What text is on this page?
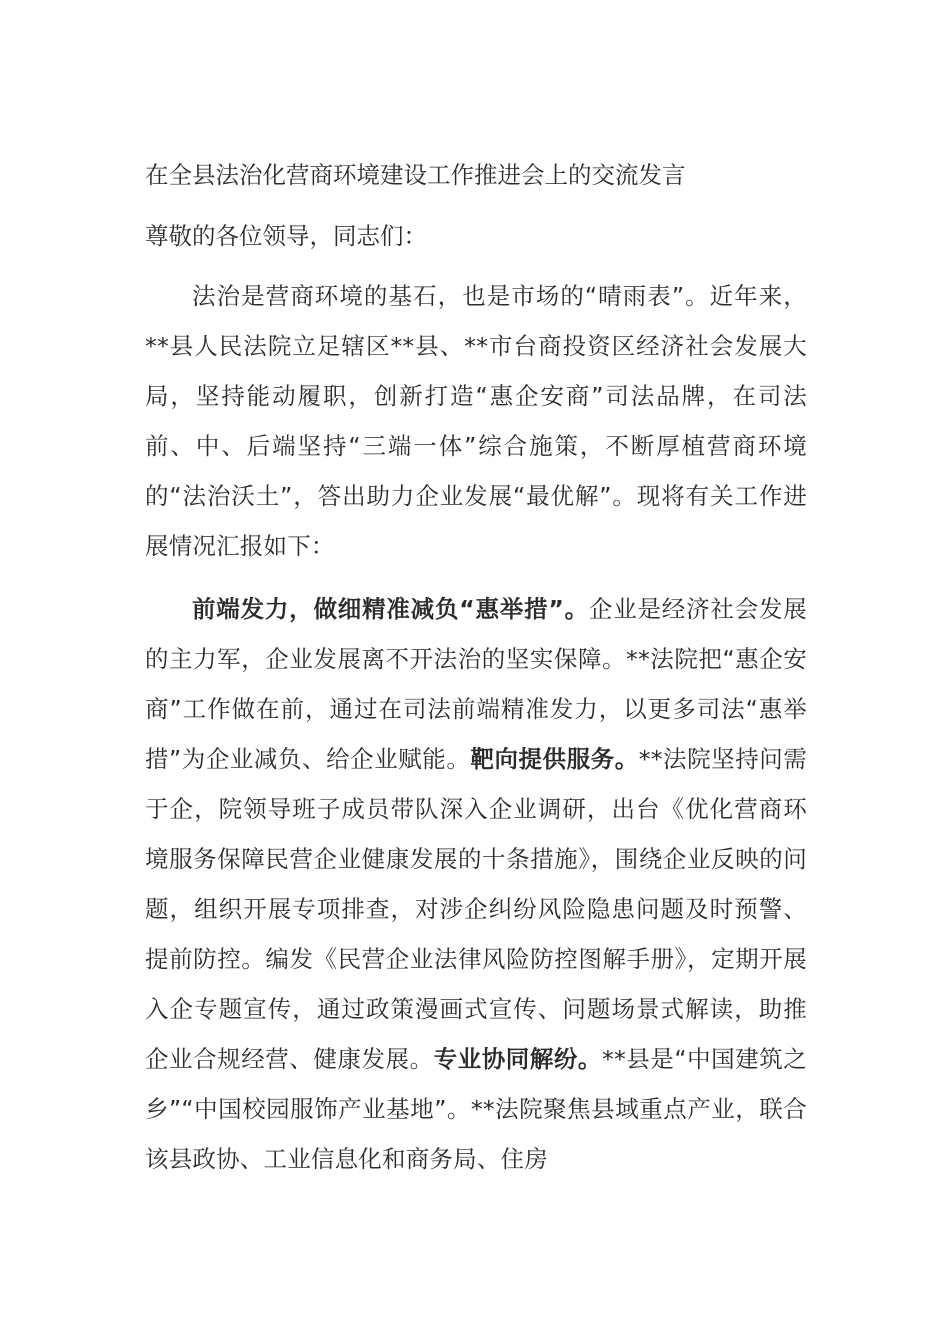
在全县法治化营商环境建设工作推进会上的交流发言
尊敬的各位领导，同志们：

法治是营商环境的基石，也是市场的“晴雨表”。近年来，**县人民法院立足辖区**县、**市台商投资区经济社会发展大局，坚持能动履职，创新打造“惠企安商”司法品牌，在司法前、中、后端坚持“三端一体”综合施策，不断厚植营商环境的“法治沃土”，答出助力企业发展“最优解”。现将有关工作进展情况汇报如下：

前端发力，做细精准减负“惠举措”。企业是经济社会发展的主力军，企业发展离不开法治的坚实保障。**法院把“惠企安商”工作做在前，通过在司法前端精准发力，以更多司法“惠举措”为企业减负、给企业赋能。靶向提供服务。**法院坚持问需于企，院领导班子成员带队深入企业调研，出台《优化营商环境服务保障民营企业健康发展的十条措施》，围绕企业反映的问题，组织开展专项排查，对涉企纠纷风险隐患问题及时预警、提前防控。编发《民营企业法律风险防控图解手册》，定期开展入企专题宣传，通过政策漫画式宣传、问题场景式解读，助推企业合规经营、健康发展。专业协同解纷。**县是“中国建筑之乡”“中国校园服饰产业基地”。**法院聚焦县域重点产业，联合该县政协、工业信息化和商务局、住房
